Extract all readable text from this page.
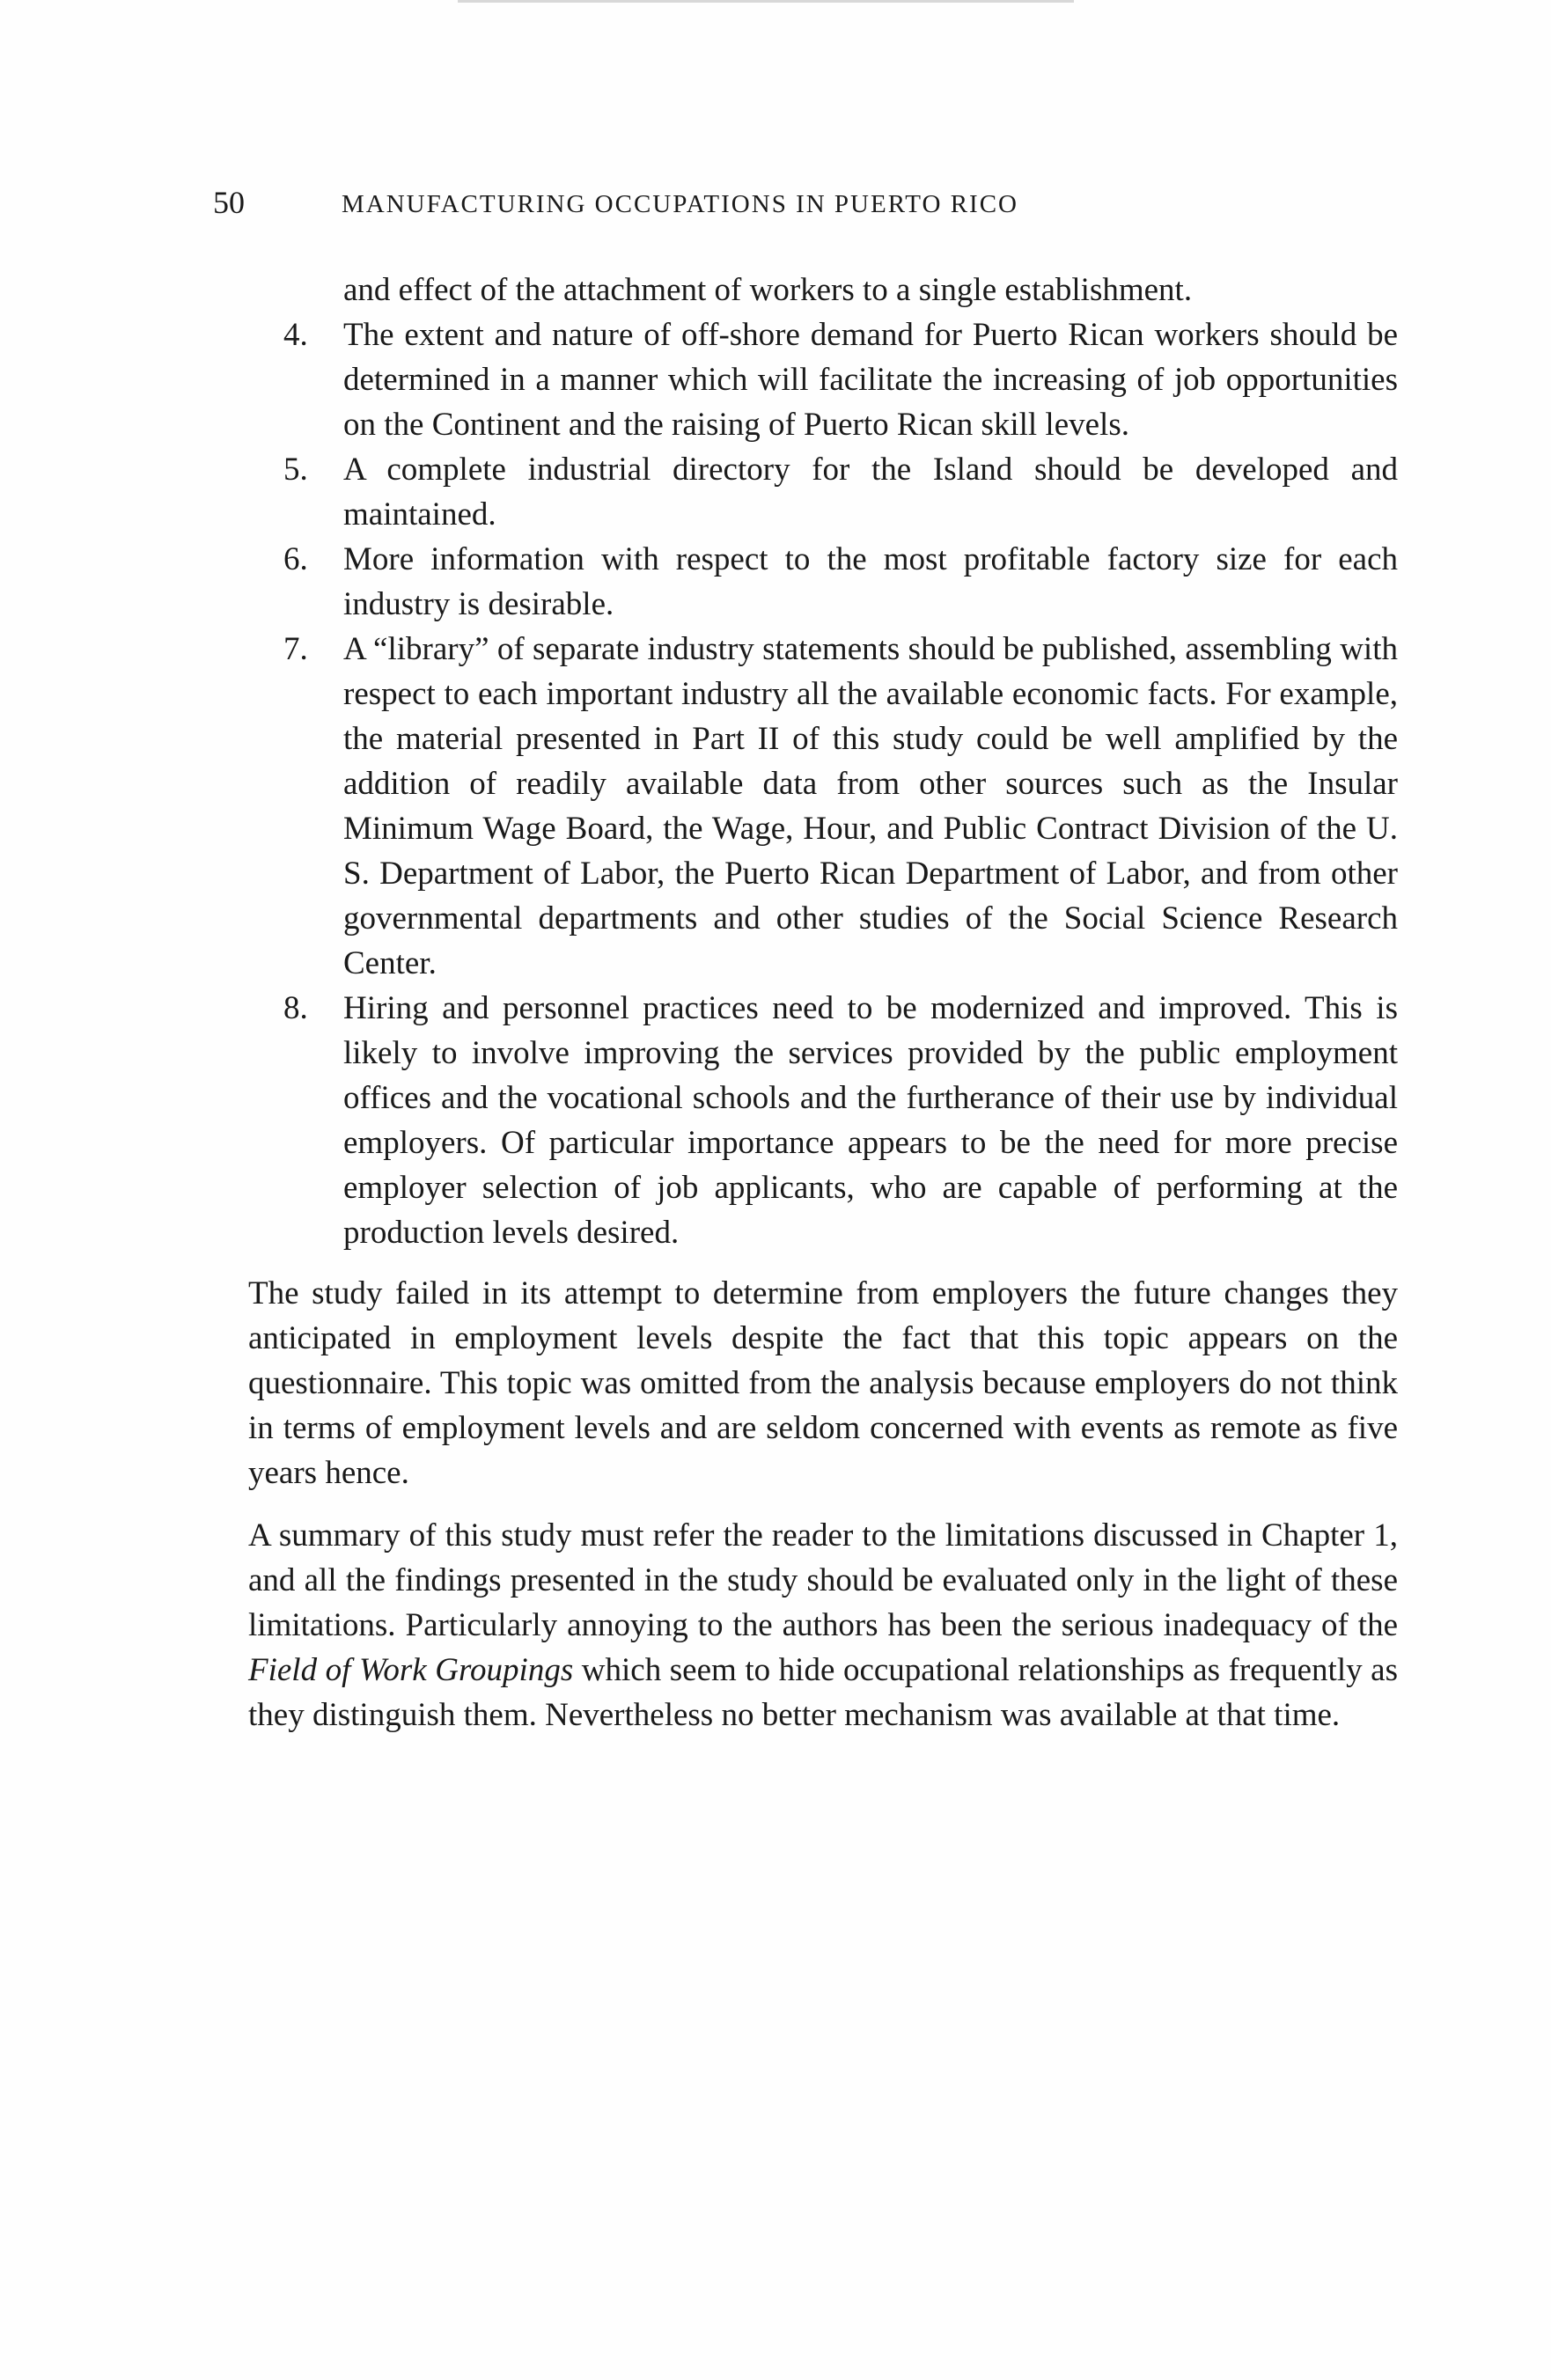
50	MANUFACTURING OCCUPATIONS IN PUERTO RICO
and effect of the attachment of workers to a single establishment.
4. The extent and nature of off-shore demand for Puerto Rican workers should be determined in a manner which will facilitate the increasing of job opportunities on the Continent and the raising of Puerto Rican skill levels.
5. A complete industrial directory for the Island should be developed and maintained.
6. More information with respect to the most profitable factory size for each industry is desirable.
7. A “library” of separate industry statements should be published, assembling with respect to each important industry all the available economic facts. For example, the material presented in Part II of this study could be well amplified by the addition of readily available data from other sources such as the Insular Minimum Wage Board, the Wage, Hour, and Public Contract Division of the U. S. Department of Labor, the Puerto Rican Department of Labor, and from other governmental departments and other studies of the Social Science Research Center.
8. Hiring and personnel practices need to be modernized and improved. This is likely to involve improving the services provided by the public employment offices and the vocational schools and the furtherance of their use by individual employers. Of particular importance appears to be the need for more precise employer selection of job applicants, who are capable of performing at the production levels desired.

The study failed in its attempt to determine from employers the future changes they anticipated in employment levels despite the fact that this topic appears on the questionnaire. This topic was omitted from the analysis because employers do not think in terms of employment levels and are seldom concerned with events as remote as five years hence.

A summary of this study must refer the reader to the limitations discussed in Chapter 1, and all the findings presented in the study should be evaluated only in the light of these limitations. Particularly annoying to the authors has been the serious inadequacy of the Field of Work Groupings which seem to hide occupational relationships as frequently as they distinguish them. Nevertheless no better mechanism was available at that time.
